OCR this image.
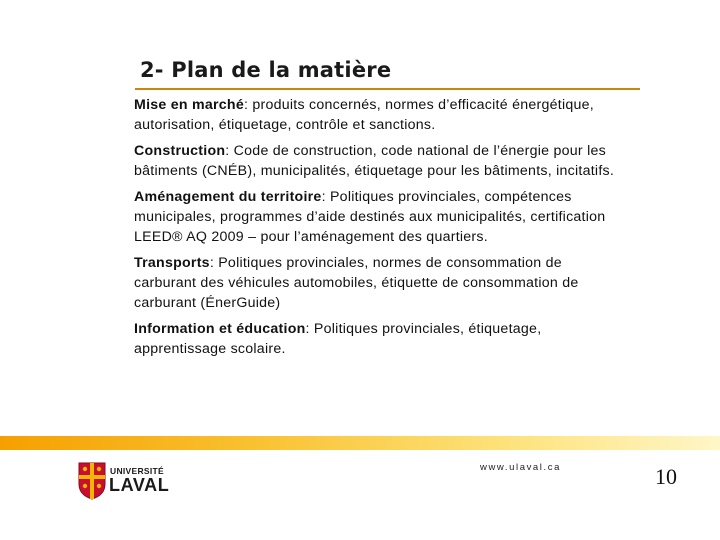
2- Plan de la matière

Mise en marché: produits concernés, normes d’efficacité énergétique, autorisation, étiquetage, contrôle et sanctions.

Construction: Code de construction, code national de l’énergie pour les bâtiments (CNÉB), municipalités, étiquetage pour les bâtiments, incitatifs.

Aménagement du territoire: Politiques provinciales, compétences municipales, programmes d’aide destinés aux municipalités, certification LEED® AQ 2009 – pour l’aménagement des quartiers.

Transports: Politiques provinciales, normes de consommation de carburant des véhicules automobiles, étiquette de consommation de carburant (ÉnerGuide)

Information et éducation: Politiques provinciales, étiquetage, apprentissage scolaire.

UNIVERSITÉ
LAVAL
www.ulaval.ca	10
